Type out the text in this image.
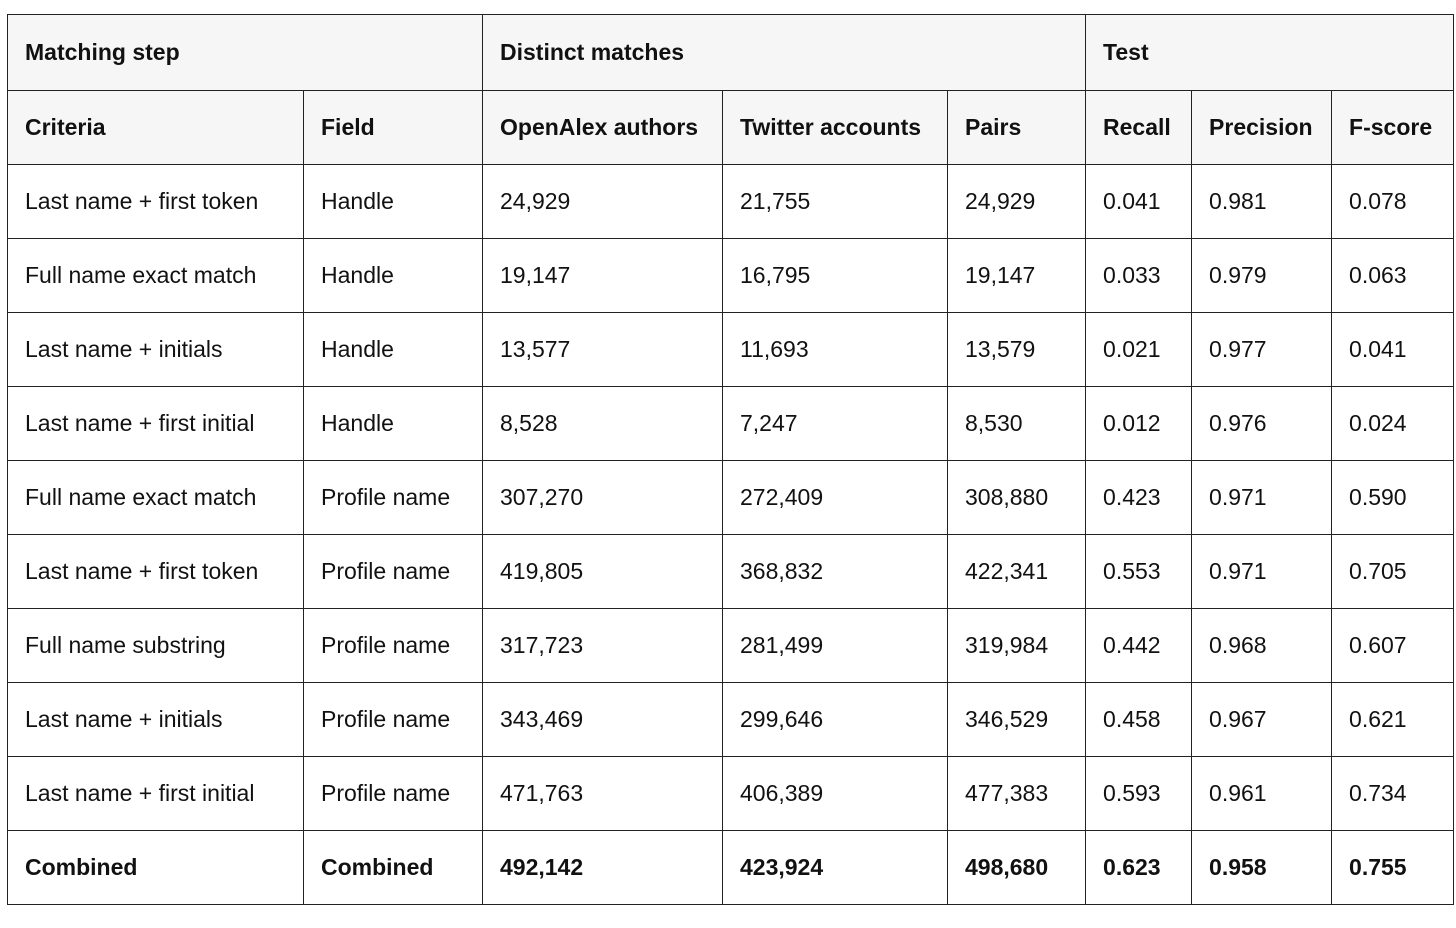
Matching step		Distinct matches			Test		
Criteria	Field	OpenAlex authors	Twitter accounts	Pairs	Recall	Precision	F-score
Last name + first token	Handle	24,929	21,755	24,929	0.041	0.981	0.078
Full name exact match	Handle	19,147	16,795	19,147	0.033	0.979	0.063
Last name + initials	Handle	13,577	11,693	13,579	0.021	0.977	0.041
Last name + first initial	Handle	8,528	7,247	8,530	0.012	0.976	0.024
Full name exact match	Profile name	307,270	272,409	308,880	0.423	0.971	0.590
Last name + first token	Profile name	419,805	368,832	422,341	0.553	0.971	0.705
Full name substring	Profile name	317,723	281,499	319,984	0.442	0.968	0.607
Last name + initials	Profile name	343,469	299,646	346,529	0.458	0.967	0.621
Last name + first initial	Profile name	471,763	406,389	477,383	0.593	0.961	0.734
Combined	Combined	492,142	423,924	498,680	0.623	0.958	0.755
